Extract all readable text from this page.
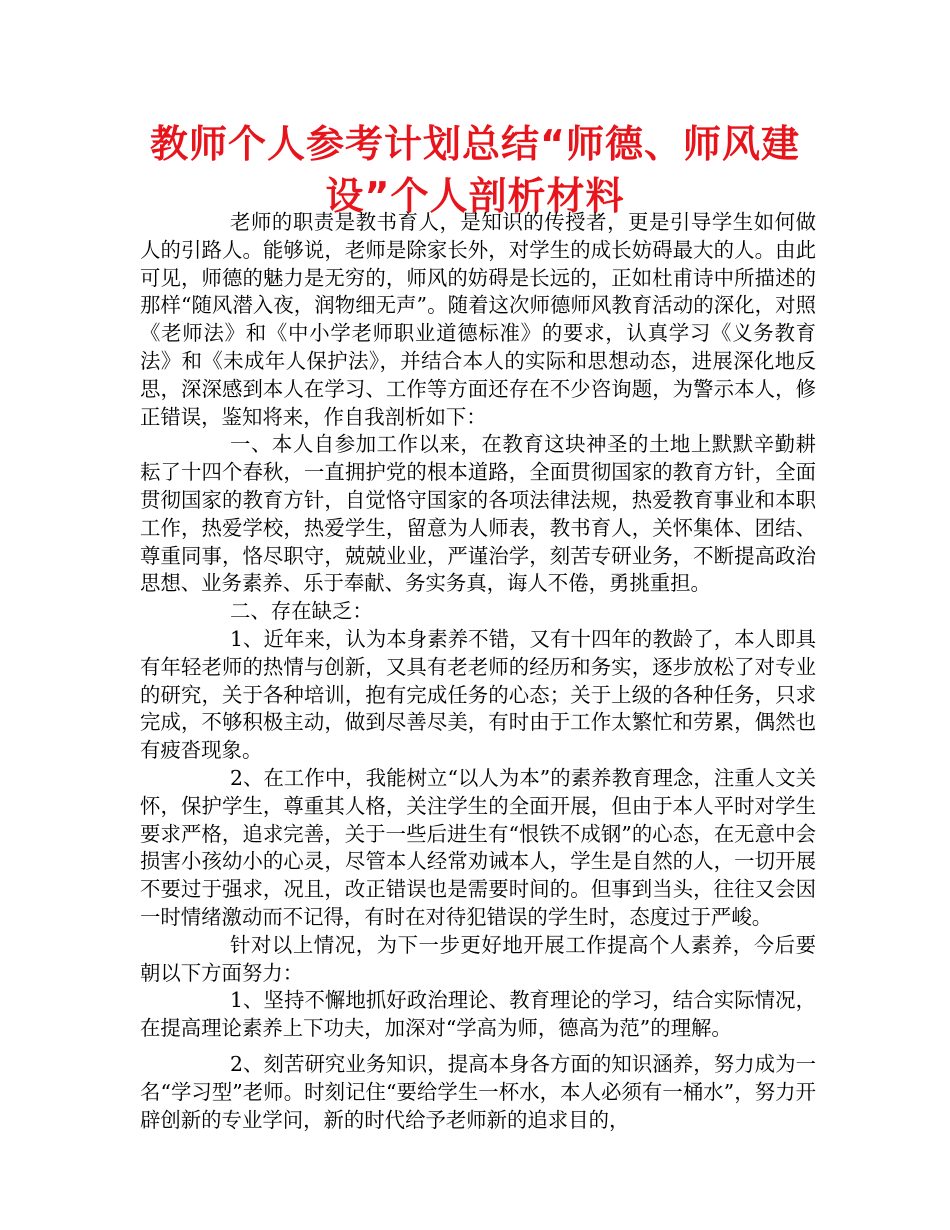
教师个人参考计划总结“师德、师风建设”个人剖析材料

老师的职责是教书育人，是知识的传授者，更是引导学生如何做人的引路人。能够说，老师是除家长外，对学生的成长妨碍最大的人。由此可见，师德的魅力是无穷的，师风的妨碍是长远的，正如杜甫诗中所描述的那样“随风潜入夜，润物细无声”。随着这次师德师风教育活动的深化，对照《老师法》和《中小学老师职业道德标准》的要求，认真学习《义务教育法》和《未成年人保护法》，并结合本人的实际和思想动态，进展深化地反思，深深感到本人在学习、工作等方面还存在不少咨询题，为警示本人，修正错误，鉴知将来，作自我剖析如下：

一、本人自参加工作以来，在教育这块神圣的土地上默默辛勤耕耘了十四个春秋，一直拥护党的根本道路，全面贯彻国家的教育方针，全面贯彻国家的教育方针，自觉恪守国家的各项法律法规，热爱教育事业和本职工作，热爱学校，热爱学生，留意为人师表，教书育人，关怀集体、团结、尊重同事，恪尽职守，兢兢业业，严谨治学，刻苦专研业务，不断提高政治思想、业务素养、乐于奉献、务实务真，诲人不倦，勇挑重担。

二、存在缺乏：

1、近年来，认为本身素养不错，又有十四年的教龄了，本人即具有年轻老师的热情与创新，又具有老老师的经历和务实，逐步放松了对专业的研究，关于各种培训，抱有完成任务的心态；关于上级的各种任务，只求完成，不够积极主动，做到尽善尽美，有时由于工作太繁忙和劳累，偶然也有疲沓现象。

2、在工作中，我能树立“以人为本”的素养教育理念，注重人文关怀，保护学生，尊重其人格，关注学生的全面开展，但由于本人平时对学生要求严格，追求完善，关于一些后进生有“恨铁不成钢”的心态，在无意中会损害小孩幼小的心灵，尽管本人经常劝诫本人，学生是自然的人，一切开展不要过于强求，况且，改正错误也是需要时间的。但事到当头，往往又会因一时情绪激动而不记得，有时在对待犯错误的学生时，态度过于严峻。

针对以上情况，为下一步更好地开展工作提高个人素养，今后要朝以下方面努力：

1、坚持不懈地抓好政治理论、教育理论的学习，结合实际情况，在提高理论素养上下功夫，加深对“学高为师，德高为范”的理解。

2、刻苦研究业务知识，提高本身各方面的知识涵养，努力成为一名“学习型”老师。时刻记住“要给学生一杯水，本人必须有一桶水”，努力开辟创新的专业学问，新的时代给予老师新的追求目的，
